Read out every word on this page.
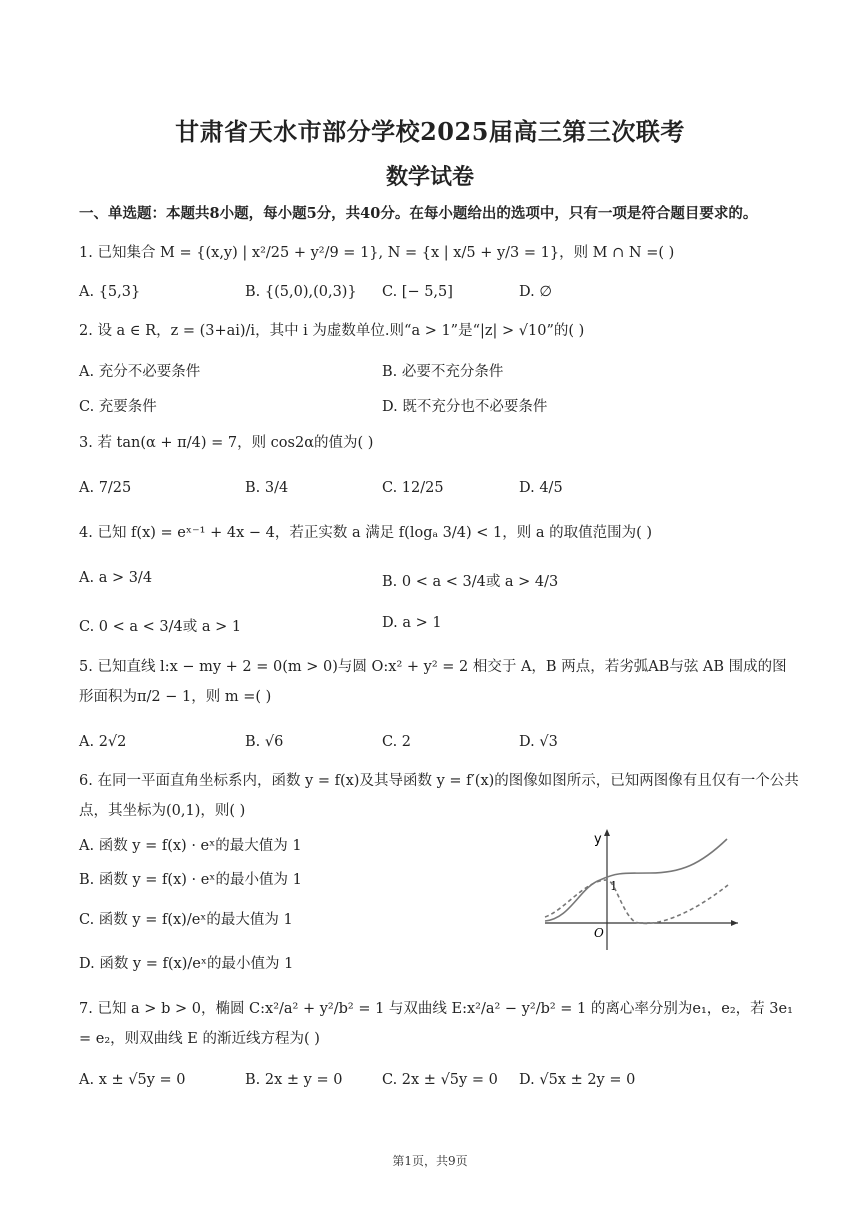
甘肃省天水市部分学校2025届高三第三次联考
数学试卷
一、单选题：本题共8小题，每小题5分，共40分。在每小题给出的选项中，只有一项是符合题目要求的。
1. 已知集合 M = {(x,y) | x²/25 + y²/9 = 1}, N = {x | x/5 + y/3 = 1}，则 M ∩ N =( )
A. {5,3}	B. {(5,0),(0,3)} C. [− 5,5]	D. ∅
2. 设 a ∈ R，z = (3+ai)/i，其中 i 为虚数单位.则“a > 1”是“|z| > √10”的( )
A. 充分不必要条件	B. 必要不充分条件
C. 充要条件	D. 既不充分也不必要条件
3. 若 tan(α + π/4) = 7，则 cos2α的值为( )
A. 7/25	B. 3/4	C. 12/25	D. 4/5
4. 已知 f(x) = eˣ⁻¹ + 4x − 4，若正实数 a 满足 f(logₐ 3/4) < 1，则 a 的取值范围为( )
A. a > 3/4	B. 0 < a < 3/4或 a > 4/3
C. 0 < a < 3/4或 a > 1	D. a > 1
5. 已知直线 l:x − my + 2 = 0(m > 0)与圆 O:x² + y² = 2 相交于 A，B 两点，若劣弧AB与弦 AB 围成的图形面积为π/2 − 1，则 m =( )
A. 2√2	B. √6	C. 2	D. √3
6. 在同一平面直角坐标系内，函数 y = f(x)及其导函数 y = f′(x)的图像如图所示，已知两图像有且仅有一个公共点，其坐标为(0,1)，则( )
A. 函数 y = f(x) · eˣ的最大值为 1
B. 函数 y = f(x) · eˣ的最小值为 1
C. 函数 y = f(x)/eˣ的最大值为 1
D. 函数 y = f(x)/eˣ的最小值为 1
y
O
1
7. 已知 a > b > 0，椭圆 C:x²/a² + y²/b² = 1 与双曲线 E:x²/a² − y²/b² = 1 的离心率分别为e₁，e₂，若 3e₁ = e₂，则双曲线 E 的渐近线方程为( )
A. x ± √5y = 0	B. 2x ± y = 0	C. 2x ± √5y = 0 D. √5x ± 2y = 0
第1页，共9页
